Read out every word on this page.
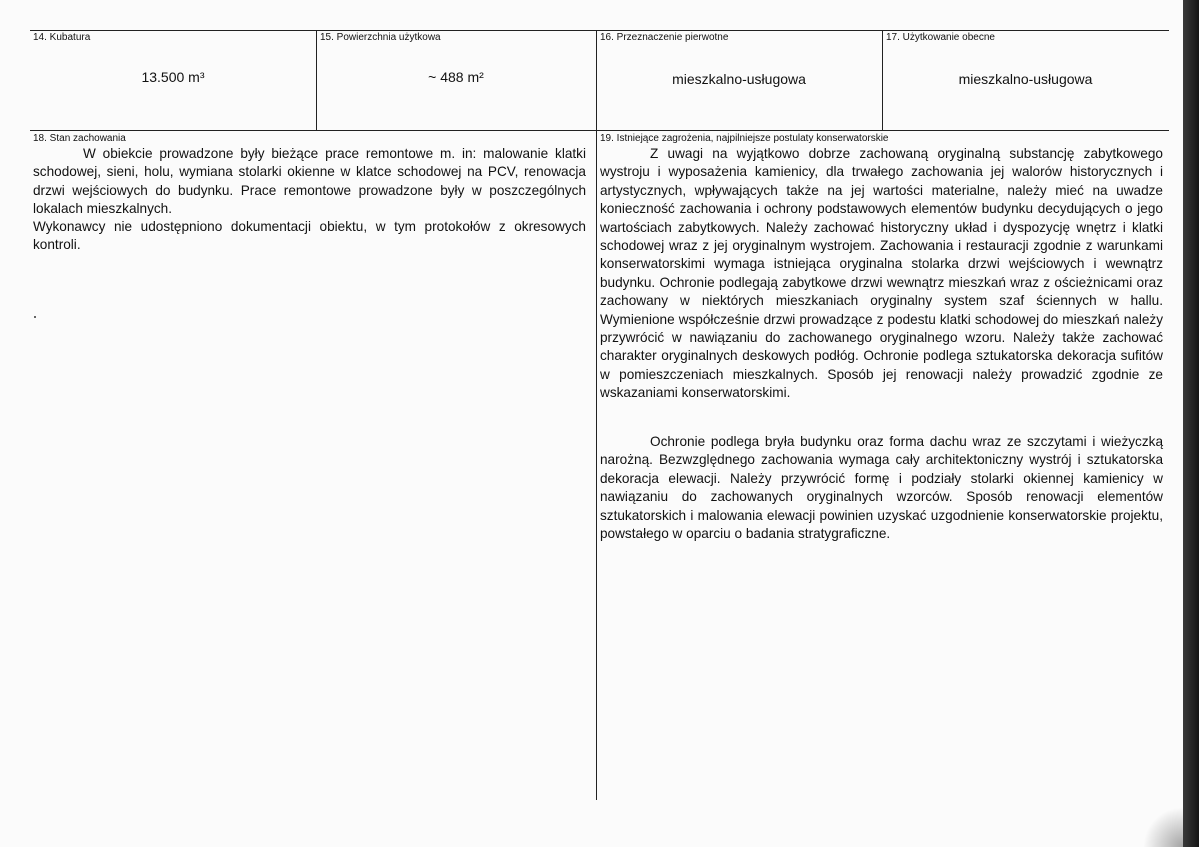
14. Kubatura
13.500 m³
15. Powierzchnia użytkowa
~ 488 m²
16. Przeznaczenie pierwotne
mieszkalno-usługowa
17. Użytkowanie obecne
mieszkalno-usługowa
18. Stan zachowania

W obiekcie prowadzone były bieżące prace remontowe m. in: malowanie klatki schodowej, sieni, holu, wymiana stolarki okienne w klatce schodowej na PCV, renowacja drzwi wejściowych do budynku. Prace remontowe prowadzone były w poszczególnych lokalach mieszkalnych.

Wykonawcy nie udostępniono dokumentacji obiektu, w tym protokołów z okresowych kontroli.

19. Istniejące zagrożenia, najpilniejsze postulaty konserwatorskie

Z uwagi na wyjątkowo dobrze zachowaną oryginalną substancję zabytkowego wystroju i wyposażenia kamienicy, dla trwałego zachowania jej walorów historycznych i artystycznych, wpływających także na jej wartości materialne, należy mieć na uwadze konieczność zachowania i ochrony podstawowych elementów budynku decydujących o jego wartościach zabytkowych. Należy zachować historyczny układ i dyspozycję wnętrz i klatki schodowej wraz z jej oryginalnym wystrojem. Zachowania i restauracji zgodnie z warunkami konserwatorskimi wymaga istniejąca oryginalna stolarka drzwi wejściowych i wewnątrz budynku. Ochronie podlegają zabytkowe drzwi wewnątrz mieszkań wraz z ościeżnicami oraz zachowany w niektórych mieszkaniach oryginalny system szaf ściennych w hallu. Wymienione współcześnie drzwi prowadzące z podestu klatki schodowej do mieszkań należy przywrócić w nawiązaniu do zachowanego oryginalnego wzoru. Należy także zachować charakter oryginalnych deskowych podłóg. Ochronie podlega sztukatorska dekoracja sufitów w pomieszczeniach mieszkalnych. Sposób jej renowacji należy prowadzić zgodnie ze wskazaniami konserwatorskimi.

Ochronie podlega bryła budynku oraz forma dachu wraz ze szczytami i wieżyczką narożną. Bezwzględnego zachowania wymaga cały architektoniczny wystrój i sztukatorska dekoracja elewacji. Należy przywrócić formę i podziały stolarki okiennej kamienicy w nawiązaniu do zachowanych oryginalnych wzorców. Sposób renowacji elementów sztukatorskich i malowania elewacji powinien uzyskać uzgodnienie konserwatorskie projektu, powstałego w oparciu o badania stratygraficzne.
